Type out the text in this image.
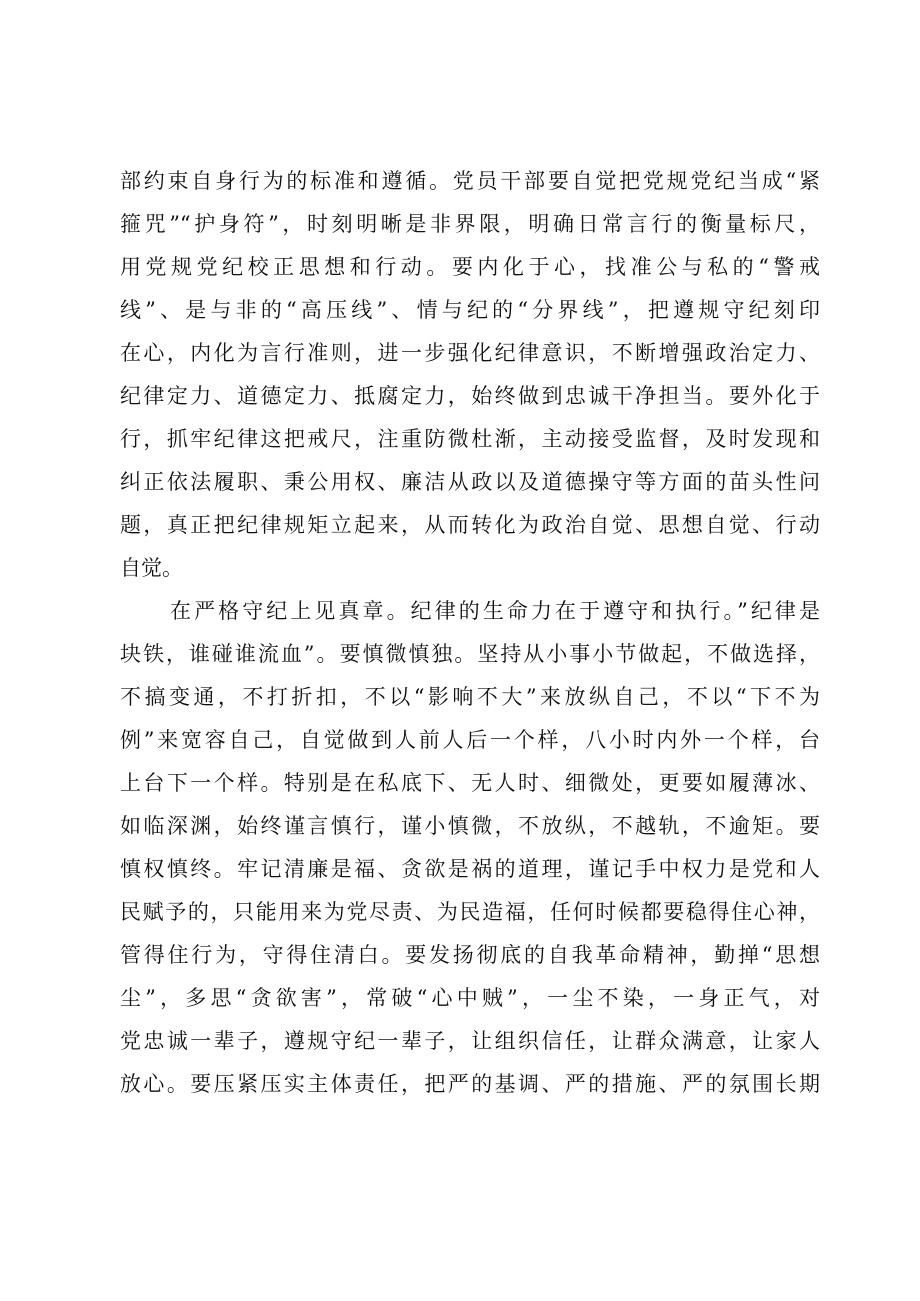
部约束自身行为的标准和遵循。党员干部要自觉把党规党纪当成“紧
箍咒”“护身符”，时刻明晰是非界限，明确日常言行的衡量标尺，
用党规党纪校正思想和行动。要内化于心，找准公与私的“警戒
线”、是与非的“高压线”、情与纪的“分界线”，把遵规守纪刻印
在心，内化为言行准则，进一步强化纪律意识，不断增强政治定力、
纪律定力、道德定力、抵腐定力，始终做到忠诚干净担当。要外化于
行，抓牢纪律这把戒尺，注重防微杜渐，主动接受监督，及时发现和
纠正依法履职、秉公用权、廉洁从政以及道德操守等方面的苗头性问
题，真正把纪律规矩立起来，从而转化为政治自觉、思想自觉、行动
自觉。
在严格守纪上见真章。纪律的生命力在于遵守和执行。”纪律是
块铁，谁碰谁流血”。要慎微慎独。坚持从小事小节做起，不做选择，
不搞变通，不打折扣，不以“影响不大”来放纵自己，不以“下不为
例”来宽容自己，自觉做到人前人后一个样，八小时内外一个样，台
上台下一个样。特别是在私底下、无人时、细微处，更要如履薄冰、
如临深渊，始终谨言慎行，谨小慎微，不放纵，不越轨，不逾矩。要
慎权慎终。牢记清廉是福、贪欲是祸的道理，谨记手中权力是党和人
民赋予的，只能用来为党尽责、为民造福，任何时候都要稳得住心神，
管得住行为，守得住清白。要发扬彻底的自我革命精神，勤掸“思想
尘”，多思“贪欲害”，常破“心中贼”，一尘不染，一身正气，对
党忠诚一辈子，遵规守纪一辈子，让组织信任，让群众满意，让家人
放心。要压紧压实主体责任，把严的基调、严的措施、严的氛围长期
